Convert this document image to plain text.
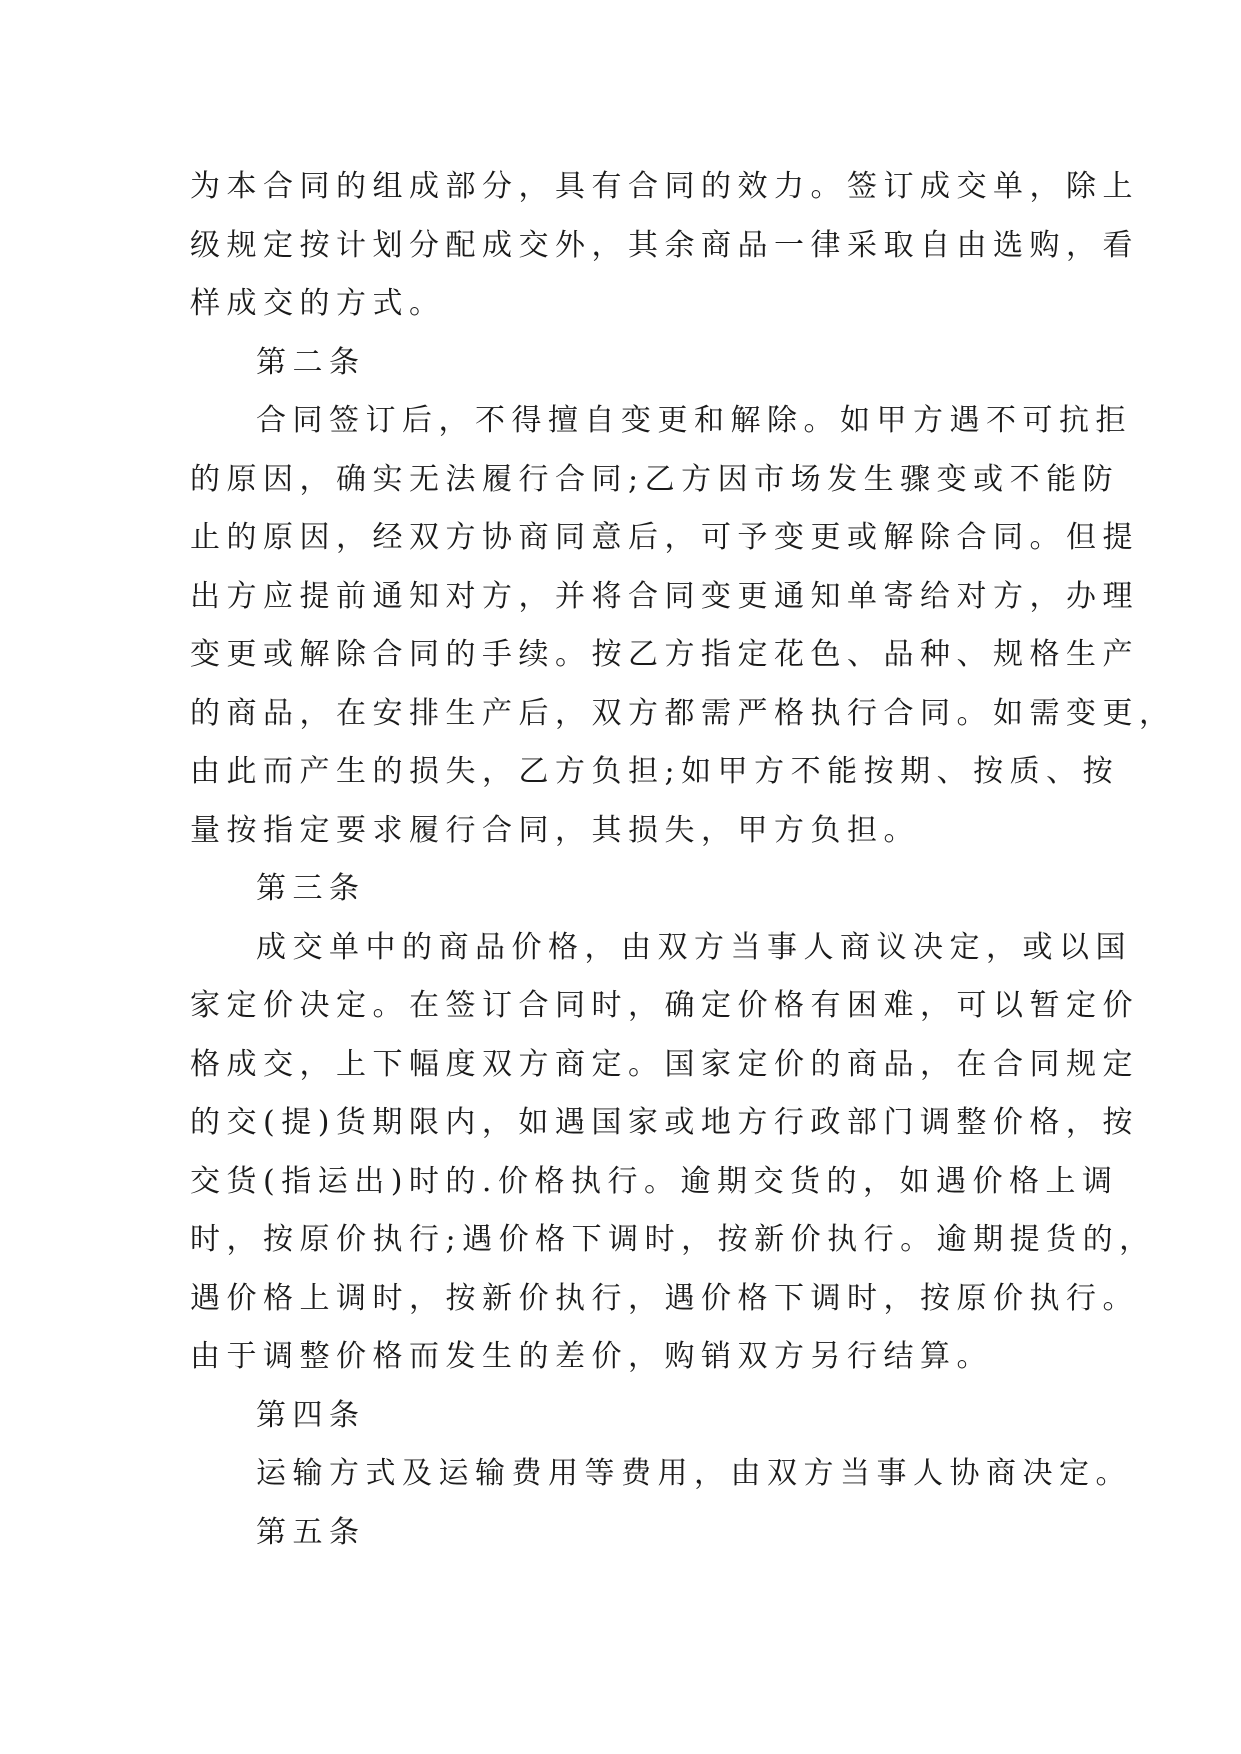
为本合同的组成部分，具有合同的效力。签订成交单，除上
级规定按计划分配成交外，其余商品一律采取自由选购，看
样成交的方式。
第二条
合同签订后，不得擅自变更和解除。如甲方遇不可抗拒
的原因，确实无法履行合同;乙方因市场发生骤变或不能防
止的原因，经双方协商同意后，可予变更或解除合同。但提
出方应提前通知对方，并将合同变更通知单寄给对方，办理
变更或解除合同的手续。按乙方指定花色、品种、规格生产
的商品，在安排生产后，双方都需严格执行合同。如需变更，
由此而产生的损失，乙方负担;如甲方不能按期、按质、按
量按指定要求履行合同，其损失，甲方负担。
第三条
成交单中的商品价格，由双方当事人商议决定，或以国
家定价决定。在签订合同时，确定价格有困难，可以暂定价
格成交，上下幅度双方商定。国家定价的商品，在合同规定
的交(提)货期限内，如遇国家或地方行政部门调整价格，按
交货(指运出)时的.价格执行。逾期交货的，如遇价格上调
时，按原价执行;遇价格下调时，按新价执行。逾期提货的，
遇价格上调时，按新价执行，遇价格下调时，按原价执行。
由于调整价格而发生的差价，购销双方另行结算。
第四条
运输方式及运输费用等费用，由双方当事人协商决定。
第五条
